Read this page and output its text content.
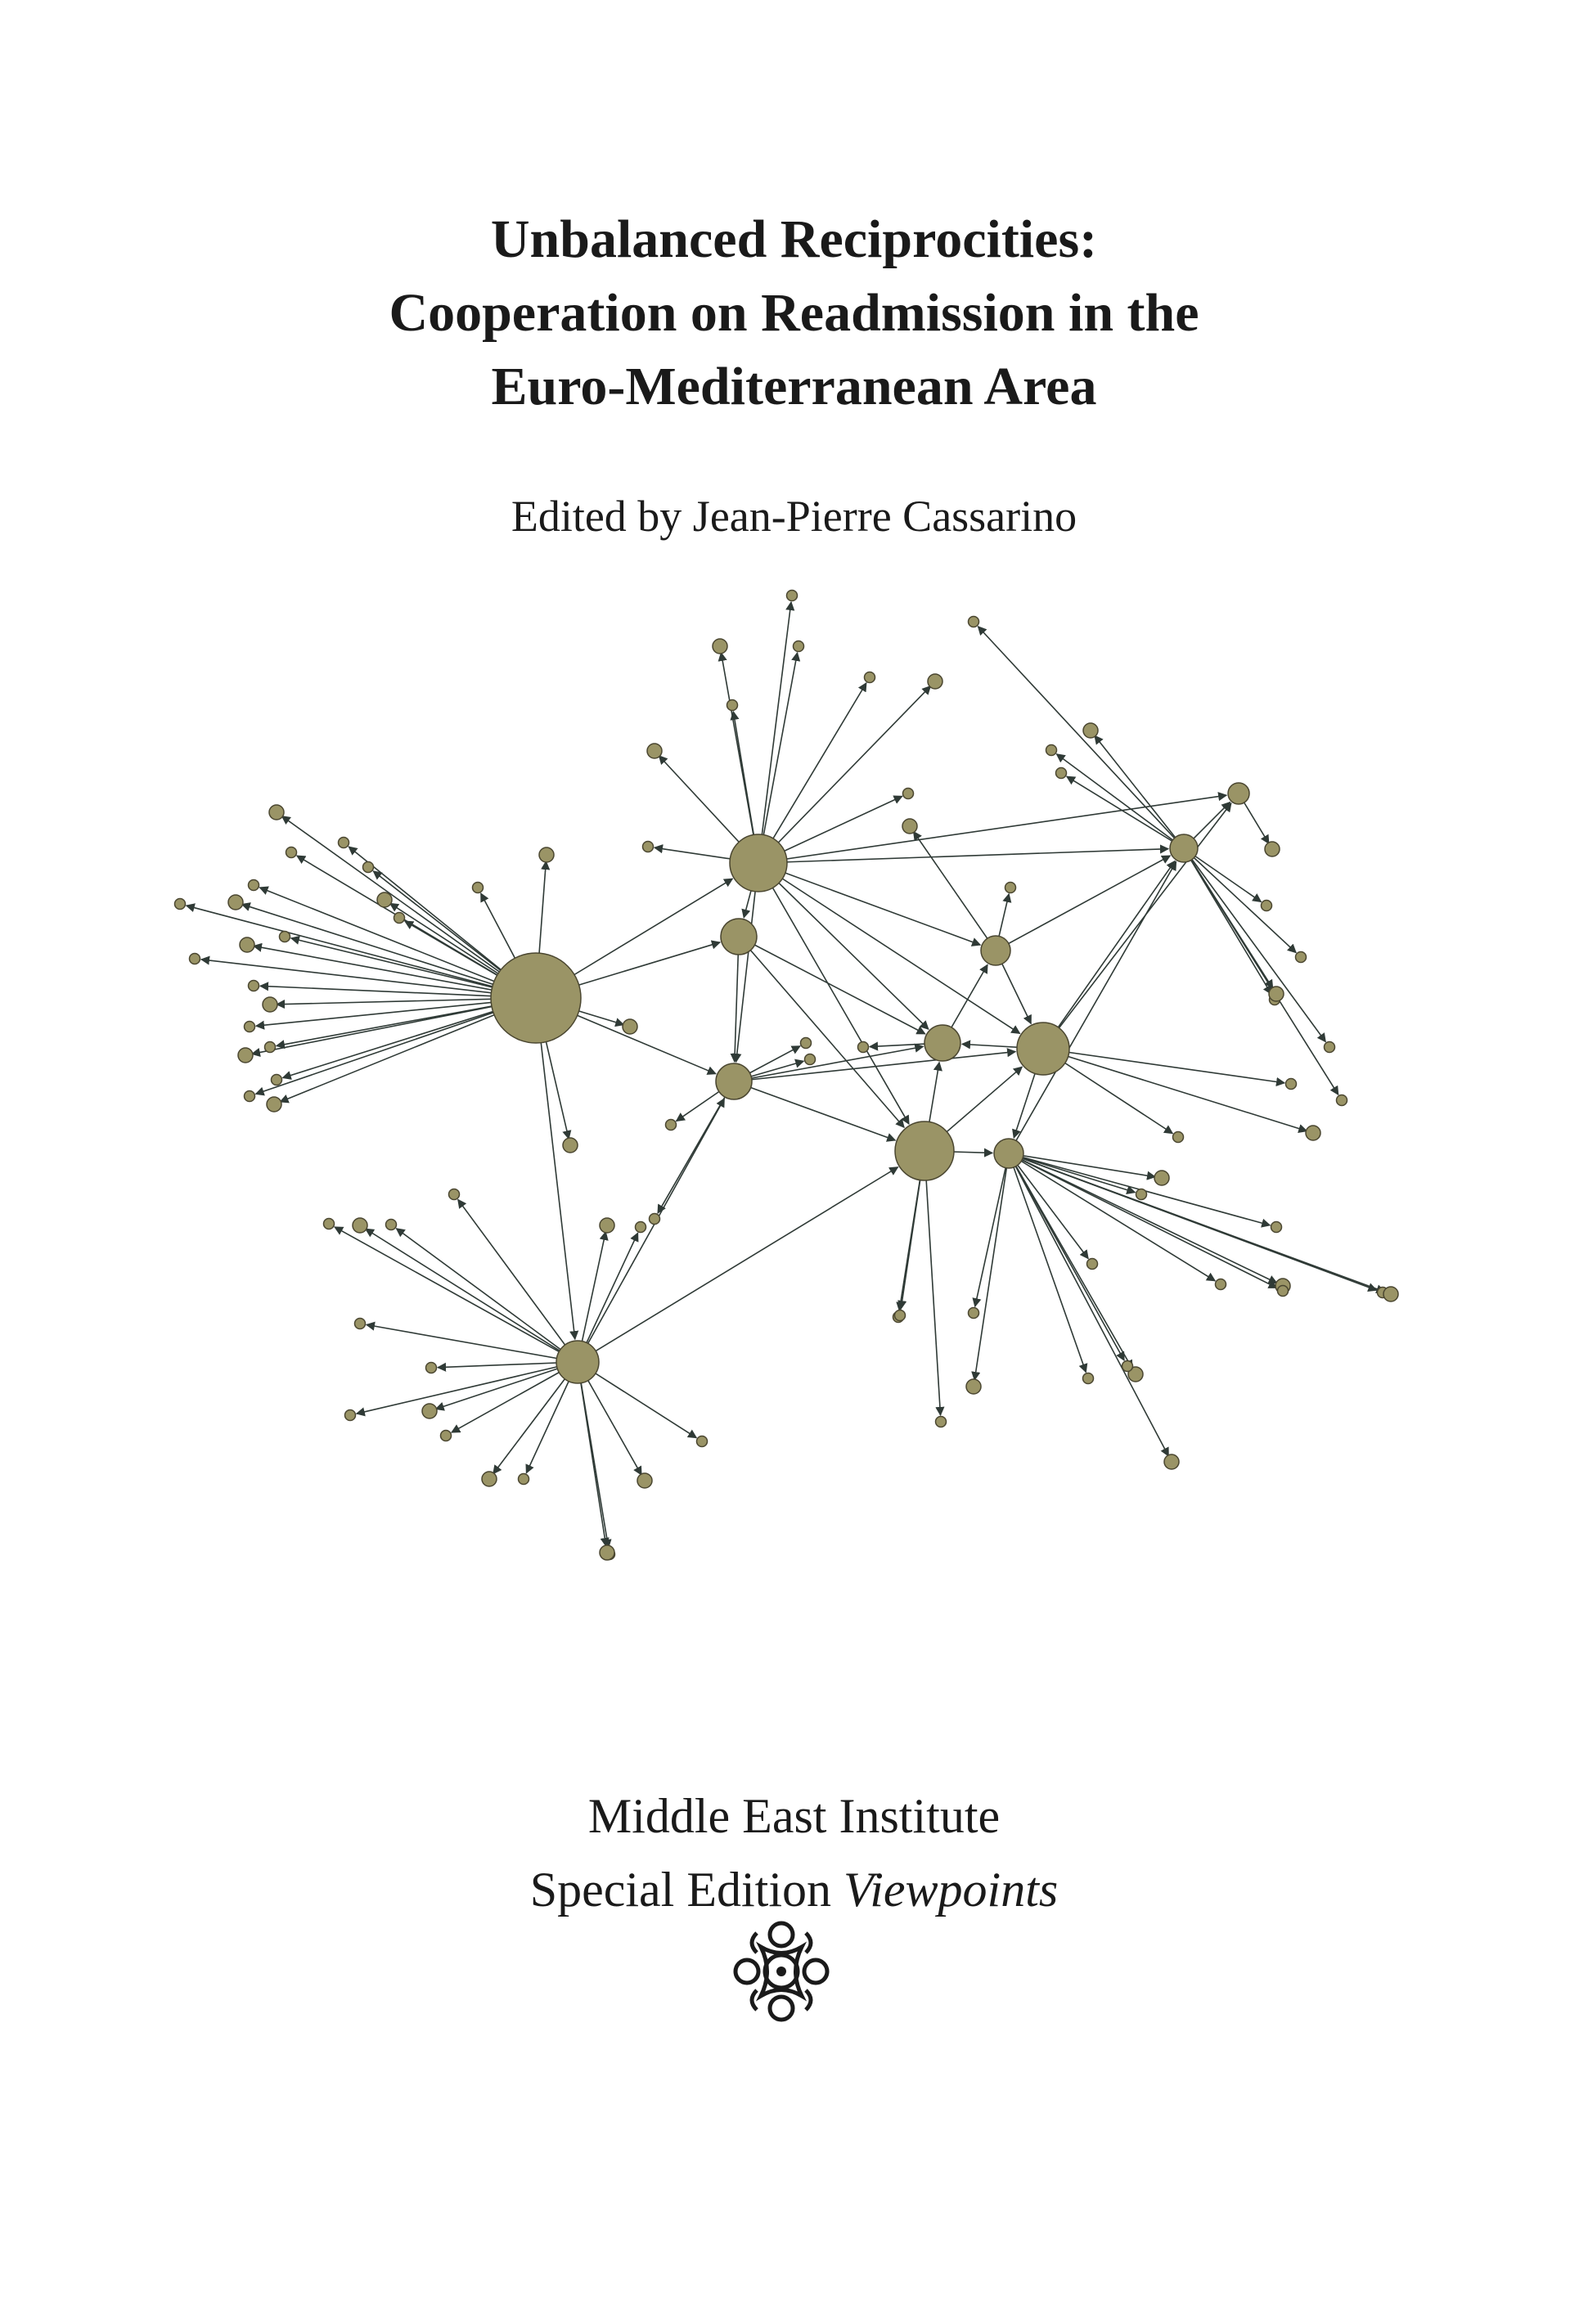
Unbalanced Reciprocities:
Cooperation on Readmission in the
Euro-Mediterranean Area
Edited by Jean-Pierre Cassarino
Middle East Institute
Special Edition Viewpoints
